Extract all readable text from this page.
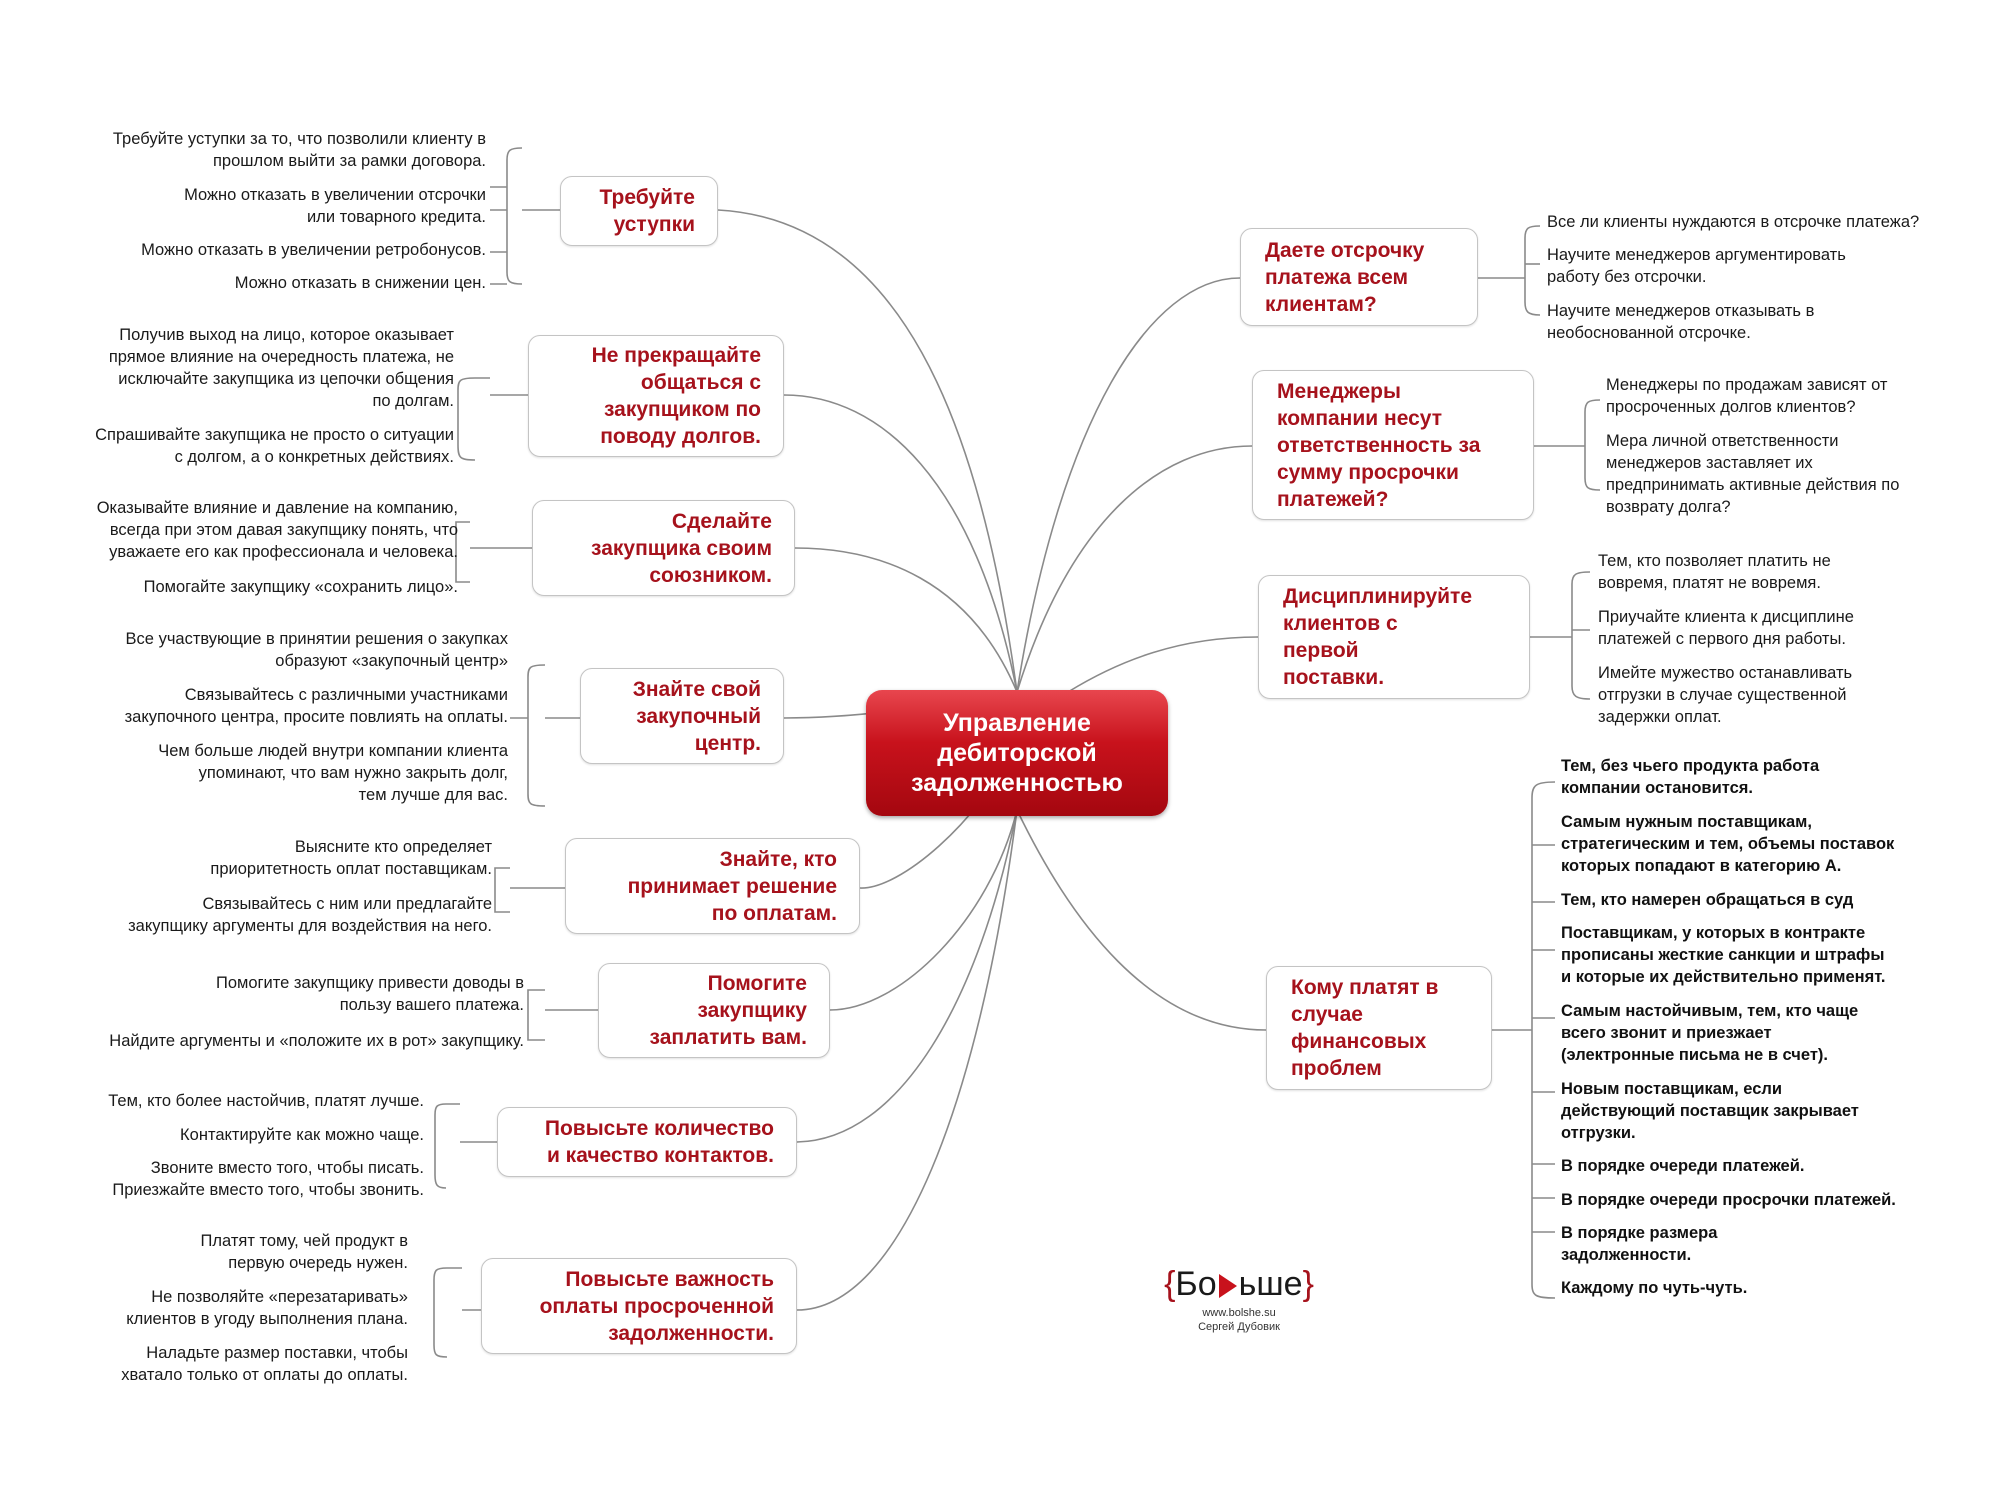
Управление
дебиторской
задолженностью
Требуйте
уступки
Не прекращайте
общаться с
закупщиком по
поводу долгов.
Сделайте
закупщика своим
союзником.
Знайте свой
закупочный
центр.
Знайте, кто
принимает решение
по оплатам.
Помогите
закупщику
заплатить вам.
Повысьте количество
и качество контактов.
Повысьте важность
оплаты просроченной
задолженности.
Даете отсрочку
платежа всем
клиентам?
Менеджеры
компании несут
ответственность за
сумму просрочки
платежей?
Дисциплинируйте
клиентов с
первой
поставки.
Кому платят в
случае
финансовых
проблем
Требуйте уступки за то, что позволили клиенту в
прошлом выйти за рамки договора.
Можно отказать в увеличении отсрочки
или товарного кредита.
Можно отказать в увеличении ретробонусов.
Можно отказать в снижении цен.
Получив выход на лицо, которое оказывает
прямое влияние на очередность платежа, не
исключайте закупщика из цепочки общения
по долгам.
Спрашивайте закупщика не просто о ситуации
с долгом, а о конкретных действиях.
Оказывайте влияние и давление на компанию,
всегда при этом давая закупщику понять, что
уважаете его как профессионала и человека.
Помогайте закупщику «сохранить лицо».
Все участвующие в принятии решения о закупках
образуют «закупочный центр»
Связывайтесь с различными участниками
закупочного центра, просите повлиять на оплаты.
Чем больше людей внутри компании клиента
упоминают, что вам нужно закрыть долг,
тем лучше для вас.
Выясните кто определяет
приоритетность оплат поставщикам.
Связывайтесь с ним или предлагайте
закупщику аргументы для воздействия на него.
Помогите закупщику привести доводы в
пользу вашего платежа.
Найдите аргументы и «положите их в рот» закупщику.
Тем, кто более настойчив, платят лучше.
Контактируйте как можно чаще.
Звоните вместо того, чтобы писать.
Приезжайте вместо того, чтобы звонить.
Платят тому, чей продукт в
первую очередь нужен.
Не позволяйте «перезатаривать»
клиентов в угоду выполнения плана.
Наладьте размер поставки, чтобы
хватало только от оплаты до оплаты.
Все ли клиенты нуждаются в отсрочке платежа?
Научите менеджеров аргументировать
работу без отсрочки.
Научите менеджеров отказывать в
необоснованной отсрочке.
Менеджеры по продажам зависят от
просроченных долгов клиентов?
Мера личной ответственности
менеджеров заставляет их
предпринимать активные действия по
возврату долга?
Тем, кто позволяет платить не
вовремя, платят не вовремя.
Приучайте клиента к дисциплине
платежей с первого дня работы.
Имейте мужество останавливать
отгрузки в случае существенной
задержки оплат.
Тем, без чьего продукта работа
компании остановится.
Самым нужным поставщикам,
стратегическим и тем, объемы поставок
которых попадают в категорию А.
Тем, кто намерен обращаться в суд
Поставщикам, у которых в контракте
прописаны жесткие санкции и штрафы
и которые их действительно применят.
Самым настойчивым, тем, кто чаще
всего звонит и приезжает
(электронные письма не в счет).
Новым поставщикам, если
действующий поставщик закрывает
отгрузки.
В порядке очереди платежей.
В порядке очереди просрочки платежей.
В порядке размера
задолженности.
Каждому по чуть-чуть.
{Бо ьше}
www.bolshe.su
Сергей Дубовик
